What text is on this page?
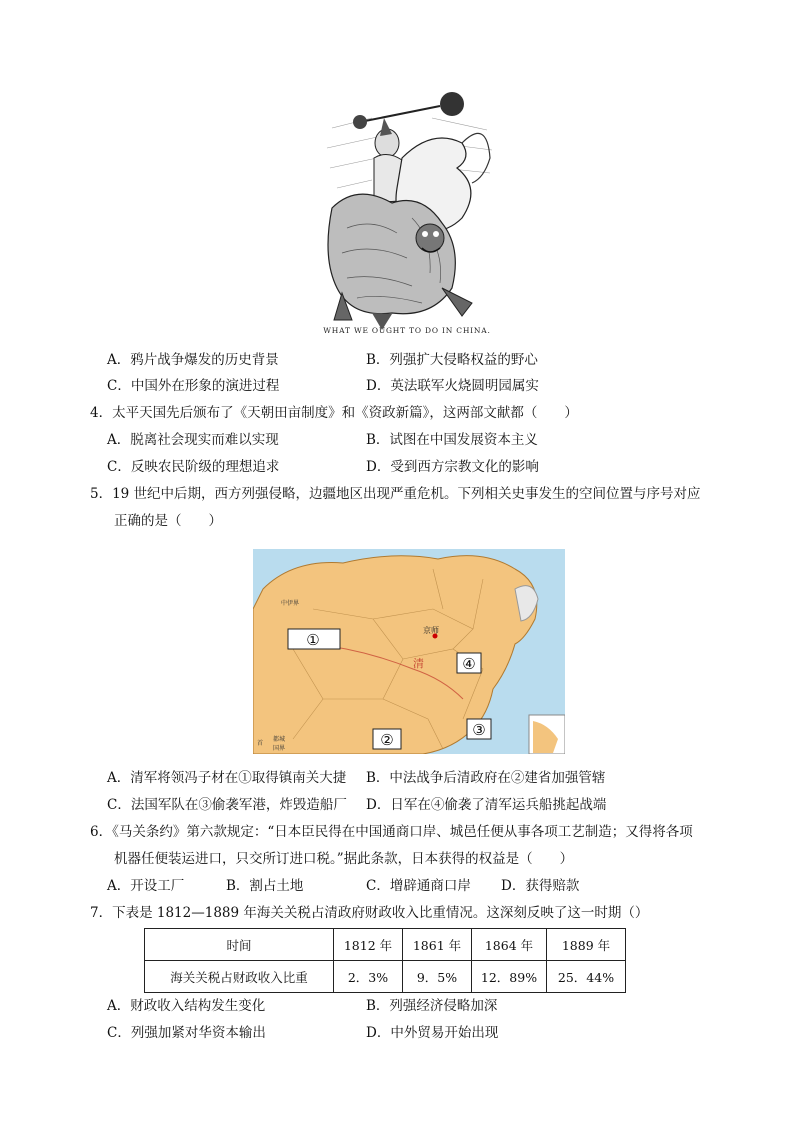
WHAT WE OUGHT TO DO IN CHINA.
A．鸦片战争爆发的历史背景	B．列强扩大侵略权益的野心
C．中国外在形象的演进过程	D．英法联军火烧圆明园属实
4．太平天国先后颁布了《天朝田亩制度》和《资政新篇》，这两部文献都（　　）
A．脱离社会现实而难以实现	B．试图在中国发展资本主义
C．反映农民阶级的理想追求	D．受到西方宗教文化的影响
5．19 世纪中后期，西方列强侵略，边疆地区出现严重危机。下列相关史事发生的空间位置与序号对应
正确的是（　　）
①
②
③
④
京师
清
中伊界
首
都城
国界
A．清军将领冯子材在①取得镇南关大捷 B．中法战争后清政府在②建省加强管辖
C．法国军队在③偷袭军港，炸毁造船厂 D．日军在④偷袭了清军运兵船挑起战端
6．《马关条约》第六款规定：“日本臣民得在中国通商口岸、城邑任便从事各项工艺制造；又得将各项
机器任便装运进口，只交所订进口税。”据此条款，日本获得的权益是（　　）
A．开设工厂	B．割占土地	C．增辟通商口岸 D．获得赔款
7．下表是 1812—1889 年海关关税占清政府财政收入比重情况。这深刻反映了这一时期（）
时间	1812 年	1861 年	1864 年	1889 年
海关关税占财政收入比重	2．3%	9．5%	12．89%	25．44%
A．财政收入结构发生变化	B．列强经济侵略加深
C．列强加紧对华资本输出	D．中外贸易开始出现
